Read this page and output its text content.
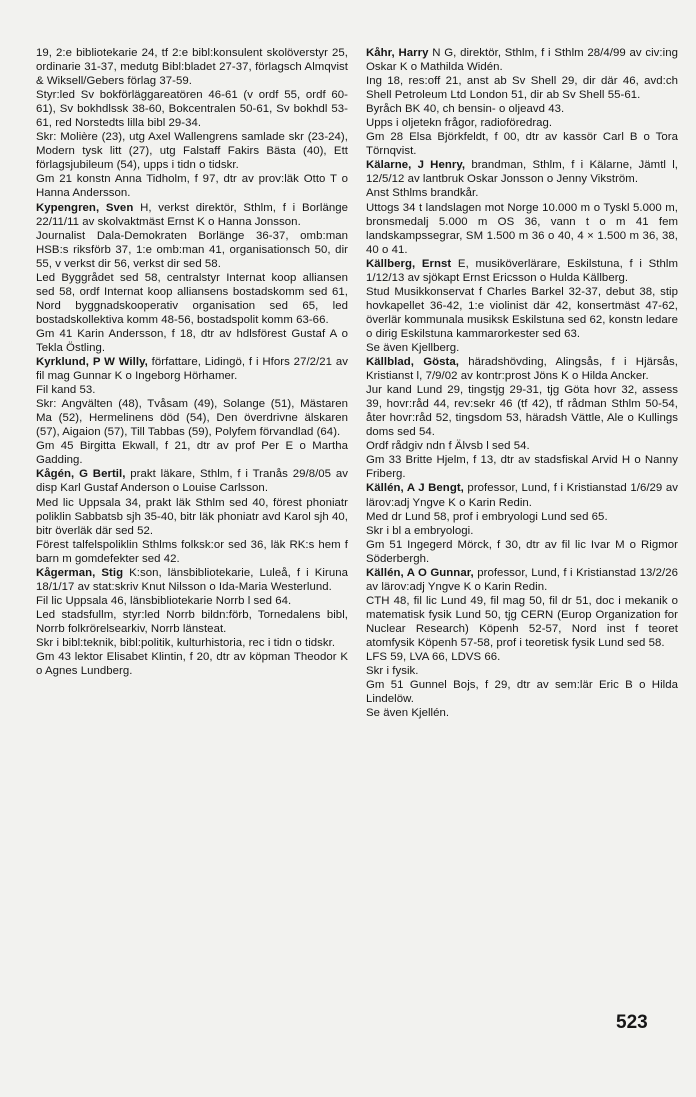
19, 2:e bibliotekarie 24, tf 2:e bibl:konsulent skolöverstyr 25, ordinarie 31-37, medutg Bibl:bladet 27-37, förlagsch Almqvist & Wiksell/Gebers förlag 37-59.
Styr:led Sv bokförläggareatören 46-61 (v ordf 55, ordf 60-61), Sv bokhdlssk 38-60, Bokcentralen 50-61, Sv bokhdl 53-61, red Norstedts lilla bibl 29-34.
Skr: Molière (23), utg Axel Wallengrens samlade skr (23-24), Modern tysk litt (27), utg Falstaff Fakirs Bästa (40), Ett förlagsjubileum (54), upps i tidn o tidskr.
Gm 21 konstn Anna Tidholm, f 97, dtr av prov:läk Otto T o Hanna Andersson.
Kypengren, Sven H, verkst direktör, Sthlm, f i Borlänge 22/11/11 av skolvaktmäst Ernst K o Hanna Jonsson.
Journalist Dala-Demokraten Borlänge 36-37, omb:man HSB:s riksförb 37, 1:e omb:man 41, organisationsch 50, dir 55, v verkst dir 56, verkst dir sed 58.
Led Byggrådet sed 58, centralstyr Internat koop alliansen sed 58, ordf Internat koop alliansens bostadskomm sed 61, Nord byggnadskooperativ organisation sed 65, led bostadskollektiva komm 48-56, bostadspolit komm 63-66.
Gm 41 Karin Andersson, f 18, dtr av hdlsförest Gustaf A o Tekla Östling.
Kyrklund, P W Willy, författare, Lidingö, f i Hfors 27/2/21 av fil mag Gunnar K o Ingeborg Hörhamer.
Fil kand 53.
Skr: Angvälten (48), Tvåsam (49), Solange (51), Mästaren Ma (52), Hermelinens död (54), Den överdrivne älskaren (57), Aigaion (57), Till Tabbas (59), Polyfem förvandlad (64).
Gm 45 Birgitta Ekwall, f 21, dtr av prof Per E o Martha Gadding.
Kågén, G Bertil, prakt läkare, Sthlm, f i Tranås 29/8/05 av disp Karl Gustaf Anderson o Louise Carlsson.
Med lic Uppsala 34, prakt läk Sthlm sed 40, förest phoniatr poliklin Sabbatsb sjh 35-40, bitr läk phoniatr avd Karol sjh 40, bitr överläk där sed 52.
Förest talfelspoliklin Sthlms folksk:or sed 36, läk RK:s hem f barn m gomdefekter sed 42.
Kågerman, Stig K:son, länsbibliotekarie, Luleå, f i Kiruna 18/1/17 av stat:skriv Knut Nilsson o Ida-Maria Westerlund.
Fil lic Uppsala 46, länsbibliotekarie Norrb l sed 64.
Led stadsfullm, styr:led Norrb bildn:förb, Tornedalens bibl, Norrb folkrörelsearkiv, Norrb länsteat.
Skr i bibl:teknik, bibl:politik, kulturhistoria, rec i tidn o tidskr.
Gm 43 lektor Elisabet Klintin, f 20, dtr av köpman Theodor K o Agnes Lundberg.
Kåhr, Harry N G, direktör, Sthlm, f i Sthlm 28/4/99 av civ:ing Oskar K o Mathilda Widén.
Ing 18, res:off 21, anst ab Sv Shell 29, dir där 46, avd:ch Shell Petroleum Ltd London 51, dir ab Sv Shell 55-61.
Byråch BK 40, ch bensin- o oljeavd 43.
Upps i oljetekn frågor, radioföredrag.
Gm 28 Elsa Björkfeldt, f 00, dtr av kassör Carl B o Tora Törnqvist.
Kälarne, J Henry, brandman, Sthlm, f i Kälarne, Jämtl l, 12/5/12 av lantbruk Oskar Jonsson o Jenny Vikström.
Anst Sthlms brandkår.
Uttogs 34 t landslagen mot Norge 10.000 m o Tyskl 5.000 m, bronsmedalj 5.000 m OS 36, vann t o m 41 fem landskampssegrar, SM 1.500 m 36 o 40, 4 × 1.500 m 36, 38, 40 o 41.
Källberg, Ernst E, musiköverlärare, Eskilstuna, f i Sthlm 1/12/13 av sjökapt Ernst Ericsson o Hulda Källberg.
Stud Musikkonservat f Charles Barkel 32-37, debut 38, stip hovkapellet 36-42, 1:e violinist där 42, konsertmäst 47-62, överlär kommunala musiksk Eskilstuna sed 62, konstn ledare o dirig Eskilstuna kammarorkester sed 63.
Se även Kjellberg.
Källblad, Gösta, häradshövding, Alingsås, f i Hjärsås, Kristianst l, 7/9/02 av kontr:prost Jöns K o Hilda Ancker.
Jur kand Lund 29, tingstjg 29-31, tjg Göta hovr 32, assess 39, hovr:råd 44, rev:sekr 46 (tf 42), tf rådman Sthlm 50-54, åter hovr:råd 52, tingsdom 53, häradsh Vättle, Ale o Kullings doms sed 54.
Ordf rådgiv ndn f Älvsb l sed 54.
Gm 33 Britte Hjelm, f 13, dtr av stadsfiskal Arvid H o Nanny Friberg.
Källén, A J Bengt, professor, Lund, f i Kristianstad 1/6/29 av lärov:adj Yngve K o Karin Redin.
Med dr Lund 58, prof i embryologi Lund sed 65.
Skr i bl a embryologi.
Gm 51 Ingegerd Mörck, f 30, dtr av fil lic Ivar M o Rigmor Söderbergh.
Källén, A O Gunnar, professor, Lund, f i Kristianstad 13/2/26 av lärov:adj Yngve K o Karin Redin.
CTH 48, fil lic Lund 49, fil mag 50, fil dr 51, doc i mekanik o matematisk fysik Lund 50, tjg CERN (Europ Organization for Nuclear Research) Köpenh 52-57, Nord inst f teoret atomfysik Köpenh 57-58, prof i teoretisk fysik Lund sed 58.
LFS 59, LVA 66, LDVS 66.
Skr i fysik.
Gm 51 Gunnel Bojs, f 29, dtr av sem:lär Eric B o Hilda Lindelöw.
Se även Kjellén.
523
